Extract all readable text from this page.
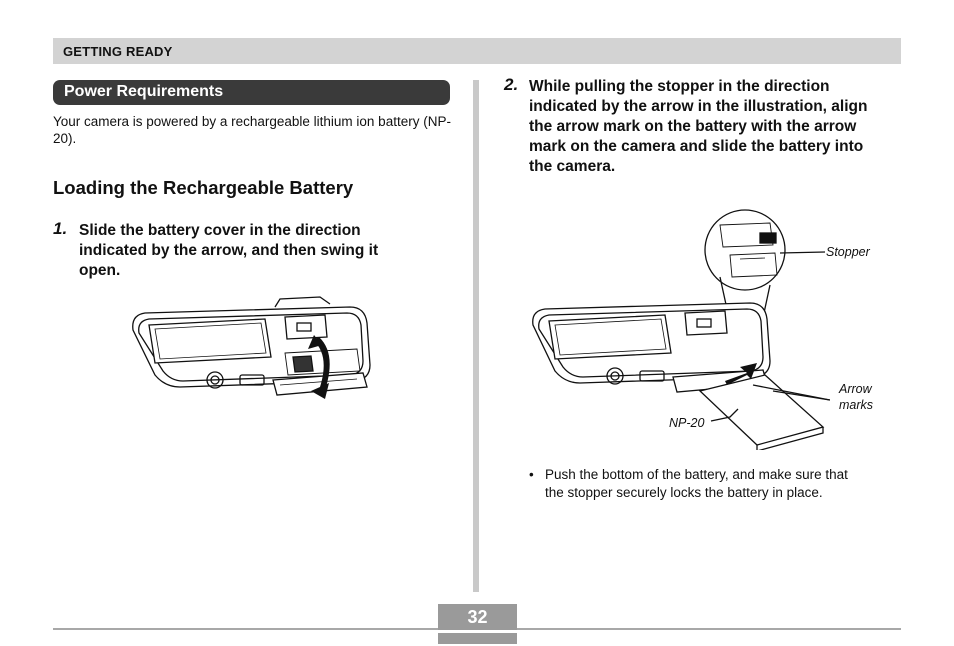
GETTING READY
Power Requirements
Your camera is powered by a rechargeable lithium ion battery (NP-20).
Loading the Rechargeable Battery
1. Slide the battery cover in the direction
indicated by the arrow, and then swing it
open.
2. While pulling the stopper in the direction
indicated by the arrow in the illustration, align
the arrow mark on the battery with the arrow
mark on the camera and slide the battery into
the camera.
Stopper
Arrow
marks
NP-20
• Push the bottom of the battery, and make sure that
the stopper securely locks the battery in place.
32
